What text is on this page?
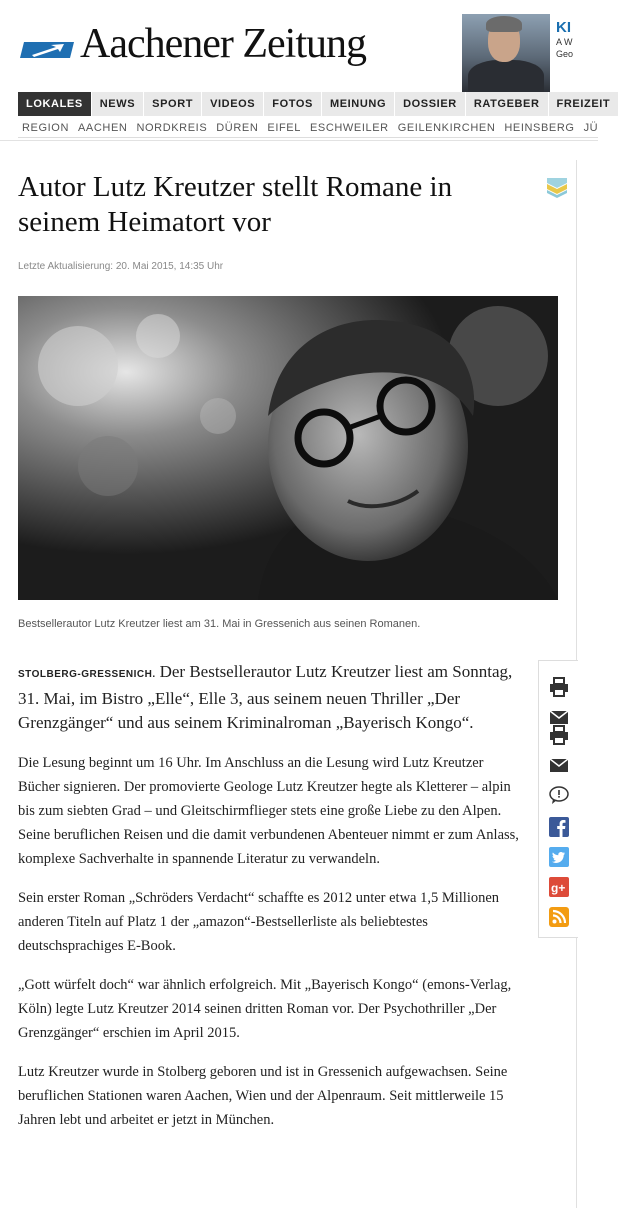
Aachener Zeitung	KI
A W
Geo
LOKALES	NEWS	SPORT	VIDEOS	FOTOS	MEINUNG	DOSSIER	RATGEBER	FREIZEIT
REGION AACHEN NORDKREIS DÜREN EIFEL ESCHWEILER GEILENKIRCHEN HEINSBERG JÜ
Autor Lutz Kreutzer stellt Romane in seinem Heimatort vor
Letzte Aktualisierung: 20. Mai 2015, 14:35 Uhr
Bestsellerautor Lutz Kreutzer liest am 31. Mai in Gressenich aus seinen Romanen.

STOLBERG-GRESSENICH. Der Bestsellerautor Lutz Kreutzer liest am Sonntag, 31. Mai, im Bistro „Elle“, Elle 3, aus seinem neuen Thriller „Der Grenzgänger“ und aus seinem Kriminalroman „Bayerisch Kongo“.

Die Lesung beginnt um 16 Uhr. Im Anschluss an die Lesung wird Lutz Kreutzer Bücher signieren. Der promovierte Geologe Lutz Kreutzer hegte als Kletterer – alpin bis zum siebten Grad – und Gleitschirmflieger stets eine große Liebe zu den Alpen. Seine beruflichen Reisen und die damit verbundenen Abenteuer nimmt er zum Anlass, komplexe Sachverhalte in spannende Literatur zu verwandeln.

Sein erster Roman „Schröders Verdacht“ schaffte es 2012 unter etwa 1,5 Millionen anderen Titeln auf Platz 1 der „amazon“-Bestsellerliste als beliebtestes deutschsprachiges E-Book.

„Gott würfelt doch“ war ähnlich erfolgreich. Mit „Bayerisch Kongo“ (emons-Verlag, Köln) legte Lutz Kreutzer 2014 seinen dritten Roman vor. Der Psychothriller „Der Grenzgänger“ erschien im April 2015.

Lutz Kreutzer wurde in Stolberg geboren und ist in Gressenich aufgewachsen. Seine beruflichen Stationen waren Aachen, Wien und der Alpenraum. Seit mittlerweile 15 Jahren lebt und arbeitet er jetzt in München.

g+
